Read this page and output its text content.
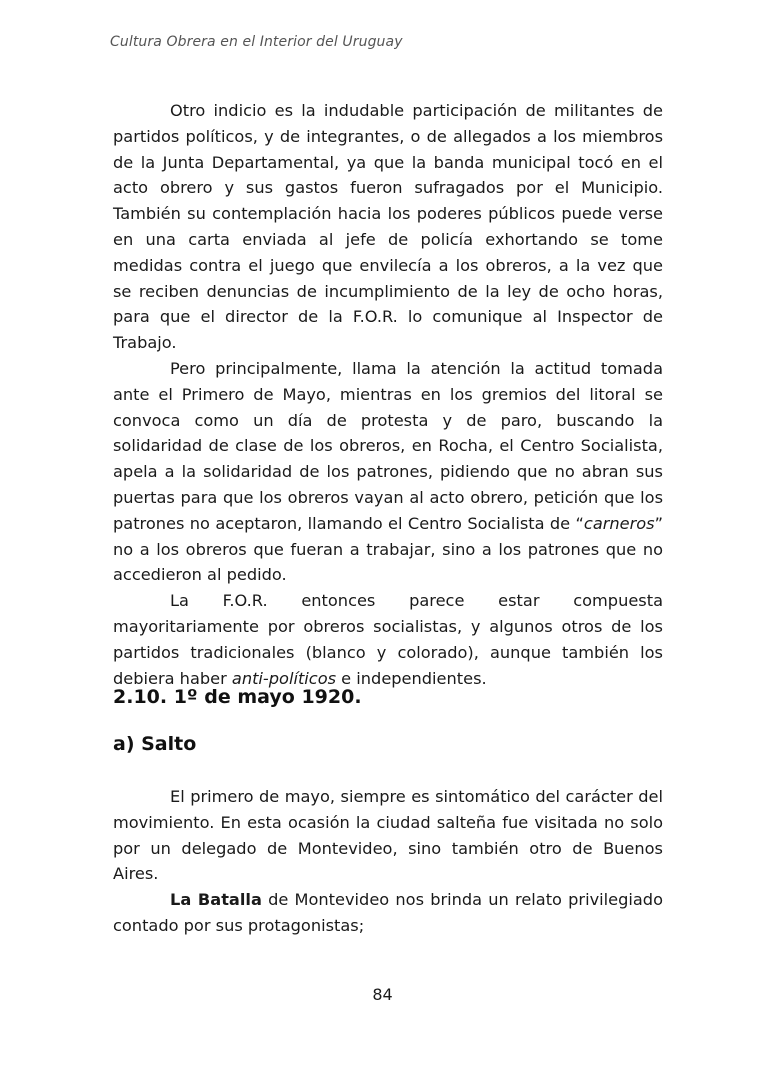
Cultura Obrera en el Interior del Uruguay

Otro indicio es la indudable participación de militantes de partidos políticos, y de integrantes, o de allegados a los miembros de la Junta Departamental, ya que la banda municipal tocó en el acto obrero y sus gastos fueron sufragados por el Municipio. También su contemplación hacia los poderes públicos puede verse en una carta enviada al jefe de policía exhortando se tome medidas contra el juego que envilecía a los obreros, a la vez que se reciben denuncias de incumplimiento de la ley de ocho horas, para que el director de la F.O.R. lo comunique al Inspector de Trabajo.

Pero principalmente, llama la atención la actitud tomada ante el Primero de Mayo, mientras en los gremios del litoral se convoca como un día de protesta y de paro, buscando la solidaridad de clase de los obreros, en Rocha, el Centro Socialista, apela a la solidaridad de los patrones, pidiendo que no abran sus puertas para que los obreros vayan al acto obrero, petición que los patrones no aceptaron, llamando el Centro Socialista de “carneros” no a los obreros que fueran a trabajar, sino a los patrones que no accedieron al pedido.

La F.O.R. entonces parece estar compuesta mayoritariamente por obreros socialistas, y algunos otros de los partidos tradicionales (blanco y colorado), aunque también los debiera haber anti-políticos e independientes.

2.10. 1º de mayo 1920.
a) Salto

El primero de mayo, siempre es sintomático del carácter del movimiento. En esta ocasión la ciudad salteña fue visitada no solo por un delegado de Montevideo, sino también otro de Buenos Aires.

La Batalla de Montevideo nos brinda un relato privilegiado contado por sus protagonistas;

84
